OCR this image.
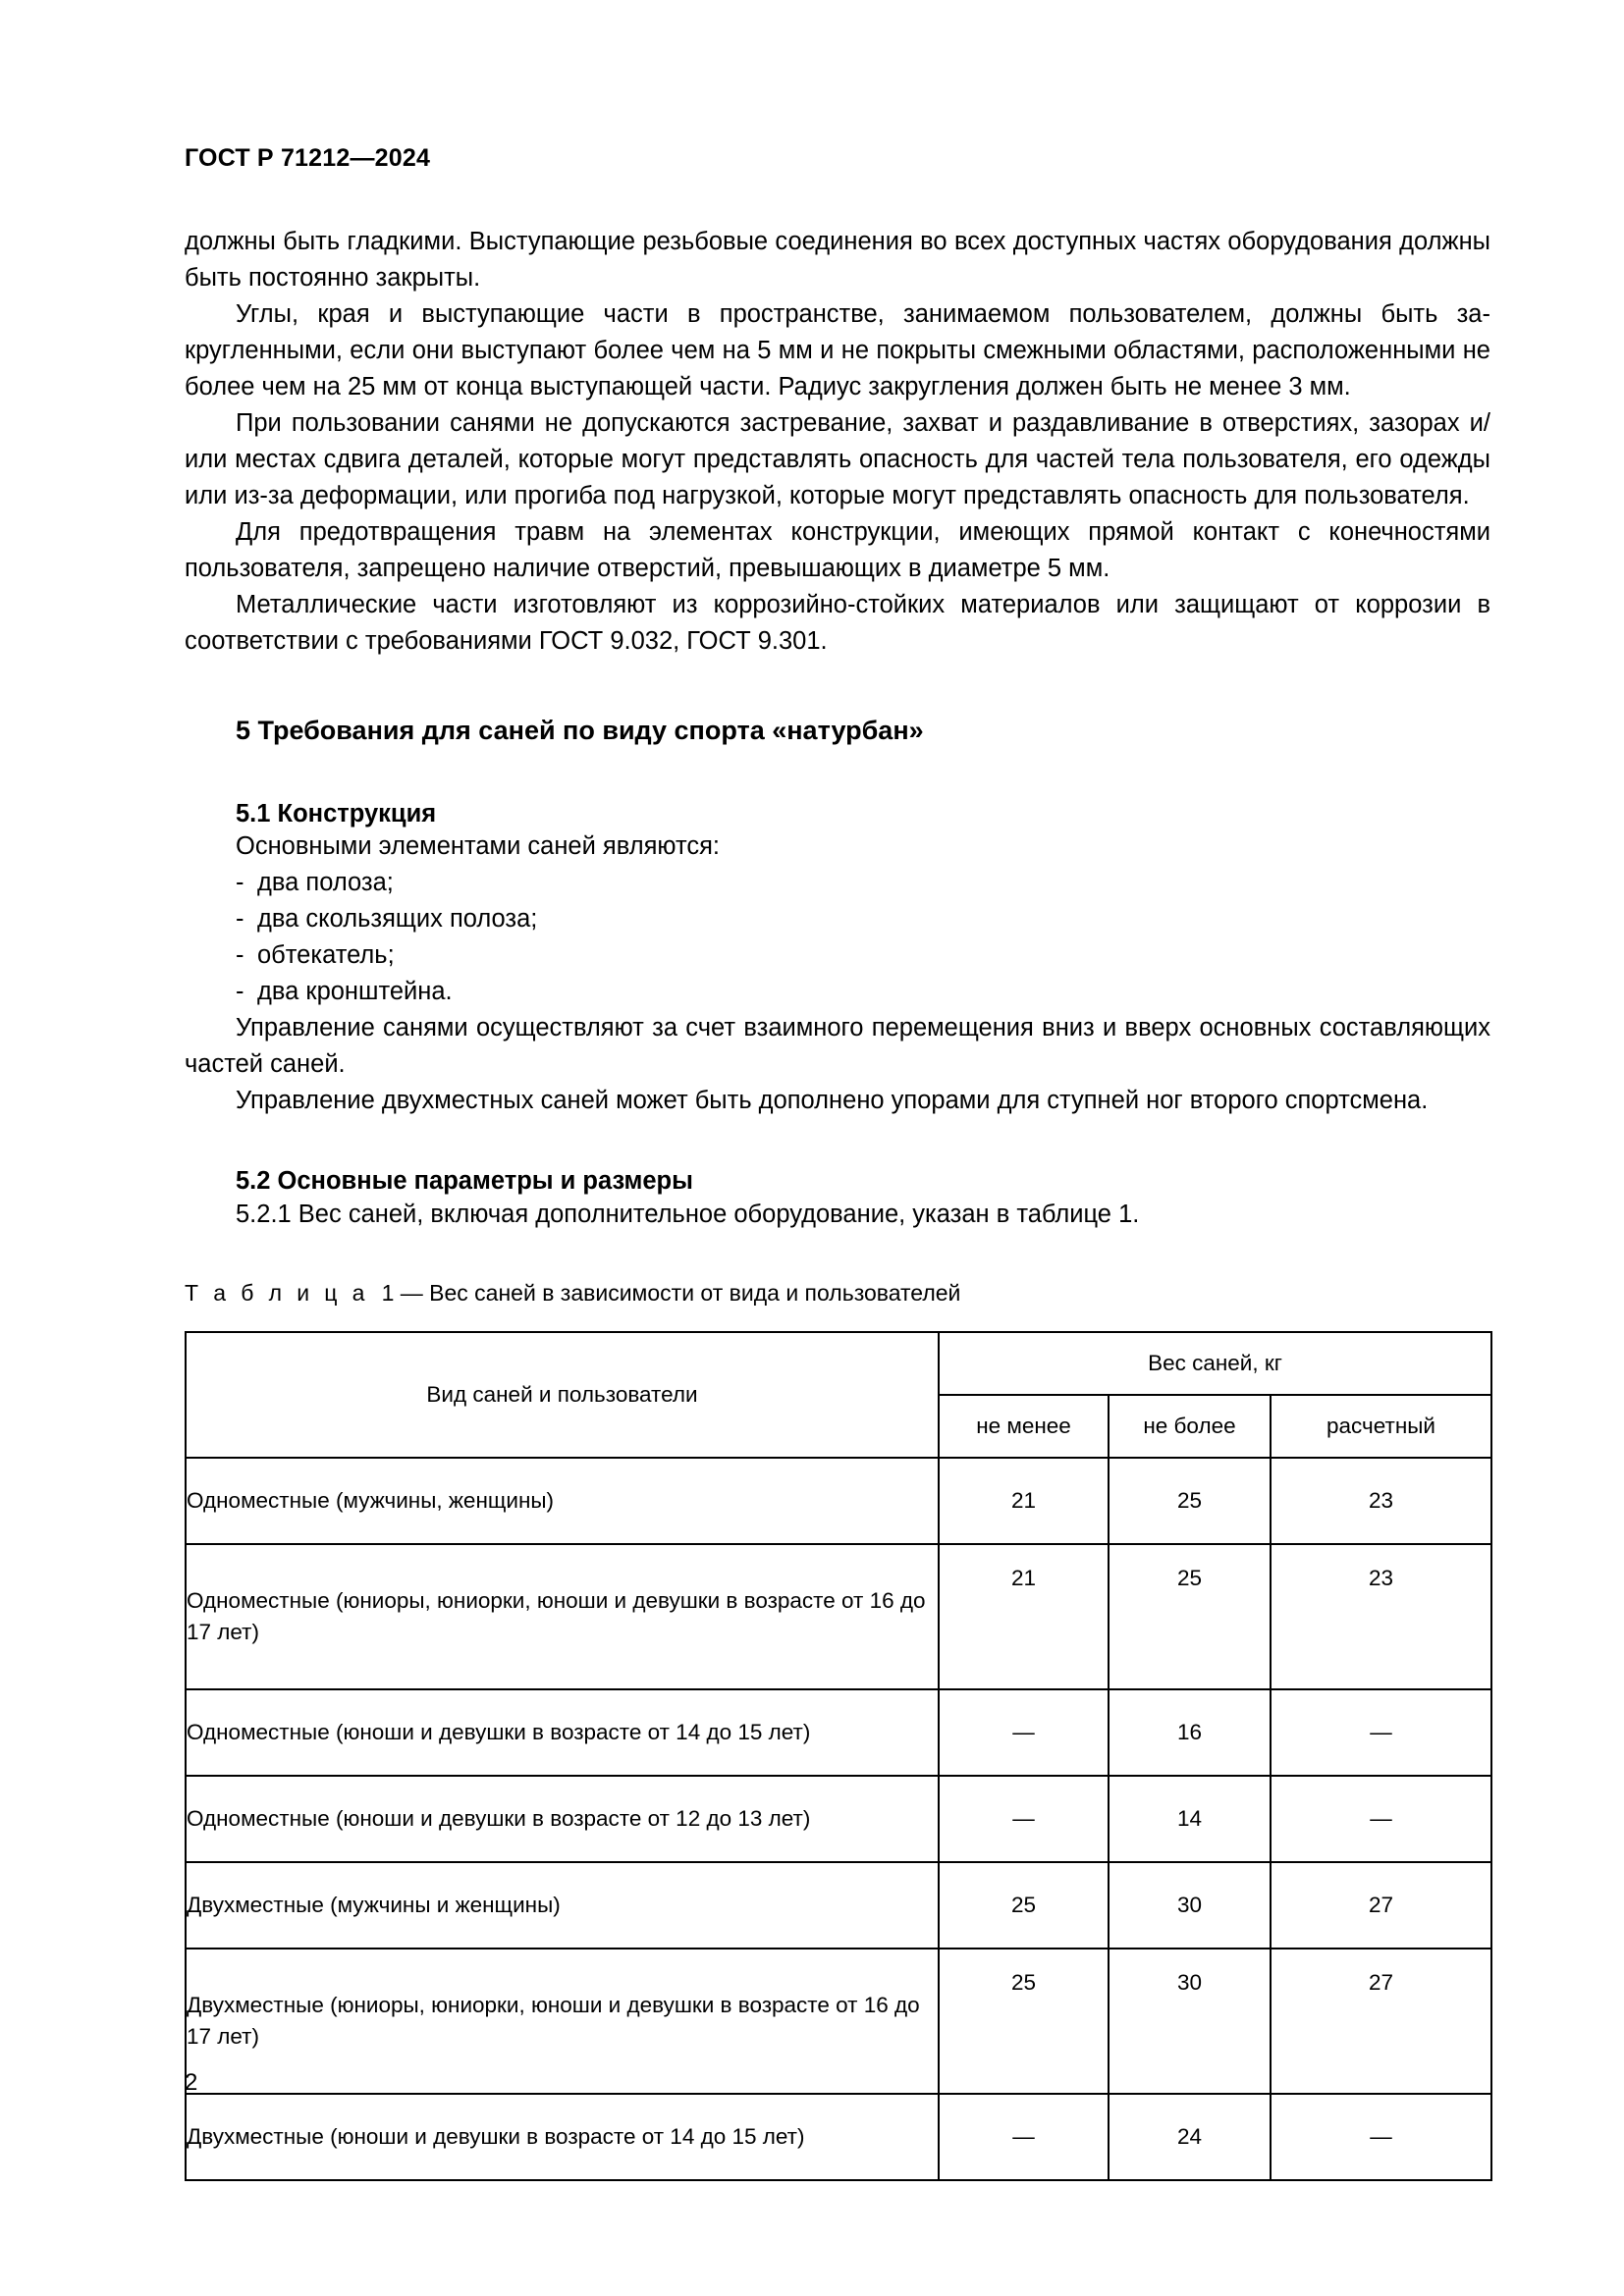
ГОСТ Р 71212—2024

должны быть гладкими. Выступающие резьбовые соединения во всех доступных частях оборудования должны быть постоянно закрыты.

Углы, края и выступающие части в пространстве, занимаемом пользователем, должны быть закругленными, если они выступают более чем на 5 мм и не покрыты смежными областями, расположенными не более чем на 25 мм от конца выступающей части. Радиус закругления должен быть не менее 3 мм.

При пользовании санями не допускаются застревание, захват и раздавливание в отверстиях, зазорах и/или местах сдвига деталей, которые могут представлять опасность для частей тела пользователя, его одежды или из-за деформации, или прогиба под нагрузкой, которые могут представлять опасность для пользователя.

Для предотвращения травм на элементах конструкции, имеющих прямой контакт с конечностями пользователя, запрещено наличие отверстий, превышающих в диаметре 5 мм.

Металлические части изготовляют из коррозийно-стойких материалов или защищают от коррозии в соответствии с требованиями ГОСТ 9.032, ГОСТ 9.301.

5 Требования для саней по виду спорта «натурбан»
5.1 Конструкция

Основными элементами саней являются:

- два полоза;
- два скользящих полоза;
- обтекатель;
- два кронштейна.

Управление санями осуществляют за счет взаимного перемещения вниз и вверх основных составляющих частей саней.

Управление двухместных саней может быть дополнено упорами для ступней ног второго спортсмена.

5.2 Основные параметры и размеры

5.2.1 Вес саней, включая дополнительное оборудование, указан в таблице 1.

Т а б л и ц а 1 — Вес саней в зависимости от вида и пользователей
Вид саней и пользователи	Вес саней, кг		
	не менее	не более	расчетный
Одноместные (мужчины, женщины)	21	25	23
Одноместные (юниоры, юниорки, юноши и девушки в возрасте от 16 до 17 лет)	21	25	23
Одноместные (юноши и девушки в возрасте от 14 до 15 лет)	—	16	—
Одноместные (юноши и девушки в возрасте от 12 до 13 лет)	—	14	—
Двухместные (мужчины и женщины)	25	30	27
Двухместные (юниоры, юниорки, юноши и девушки в возрасте от 16 до 17 лет)	25	30	27
Двухместные (юноши и девушки в возрасте от 14 до 15 лет)	—	24	—
2
